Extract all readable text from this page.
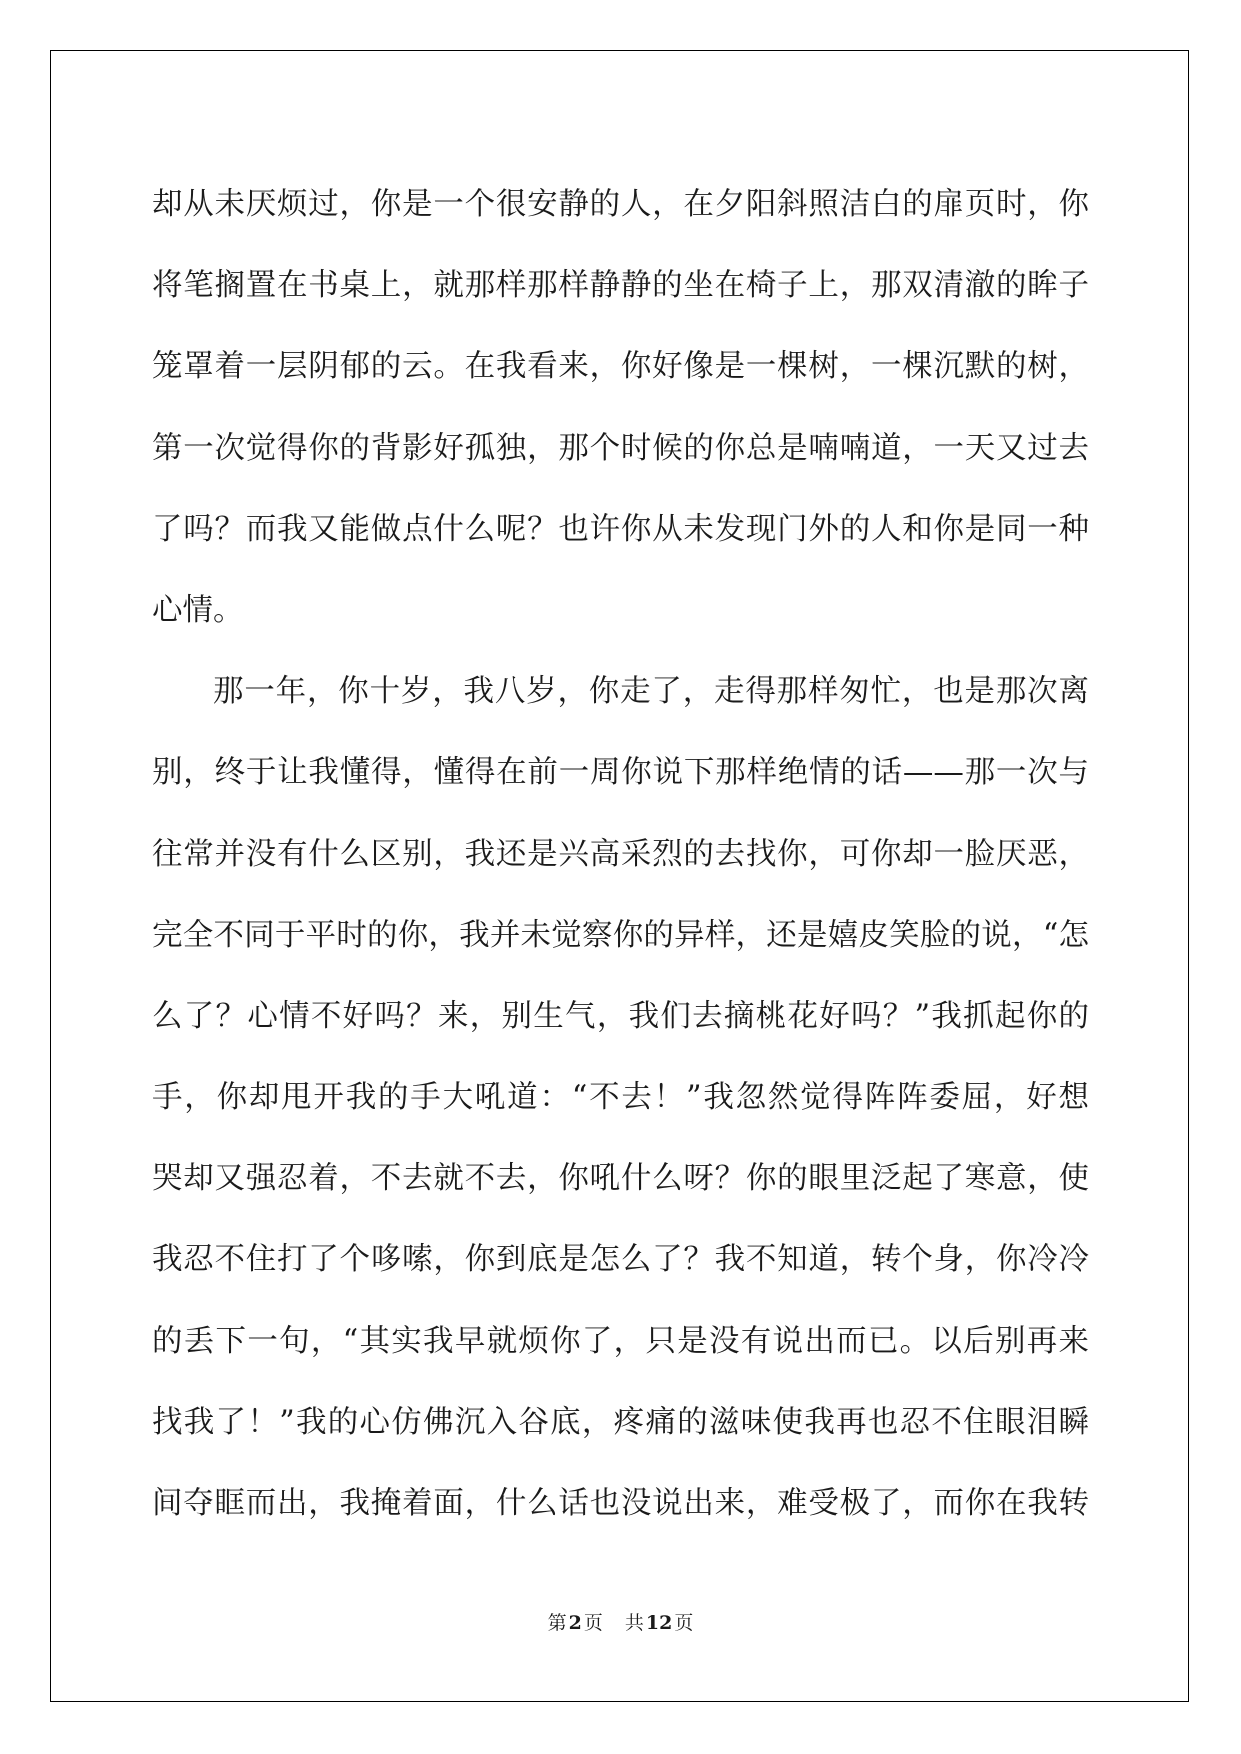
却从未厌烦过，你是一个很安静的人，在夕阳斜照洁白的扉页时，你
将笔搁置在书桌上，就那样那样静静的坐在椅子上，那双清澈的眸子
笼罩着一层阴郁的云。在我看来，你好像是一棵树，一棵沉默的树，
第一次觉得你的背影好孤独，那个时候的你总是喃喃道，一天又过去
了吗？而我又能做点什么呢？也许你从未发现门外的人和你是同一种
心情。
那一年，你十岁，我八岁，你走了，走得那样匆忙，也是那次离
别，终于让我懂得，懂得在前一周你说下那样绝情的话——那一次与
往常并没有什么区别，我还是兴高采烈的去找你，可你却一脸厌恶，
完全不同于平时的你，我并未觉察你的异样，还是嬉皮笑脸的说，“怎
么了？心情不好吗？来，别生气，我们去摘桃花好吗？”我抓起你的
手，你却甩开我的手大吼道：“不去！”我忽然觉得阵阵委屈，好想
哭却又强忍着，不去就不去，你吼什么呀？你的眼里泛起了寒意，使
我忍不住打了个哆嗦，你到底是怎么了？我不知道，转个身，你冷冷
的丢下一句，“其实我早就烦你了，只是没有说出而已。以后别再来
找我了！”我的心仿佛沉入谷底，疼痛的滋味使我再也忍不住眼泪瞬
间夺眶而出，我掩着面，什么话也没说出来，难受极了，而你在我转
第 2 页 共 12 页
